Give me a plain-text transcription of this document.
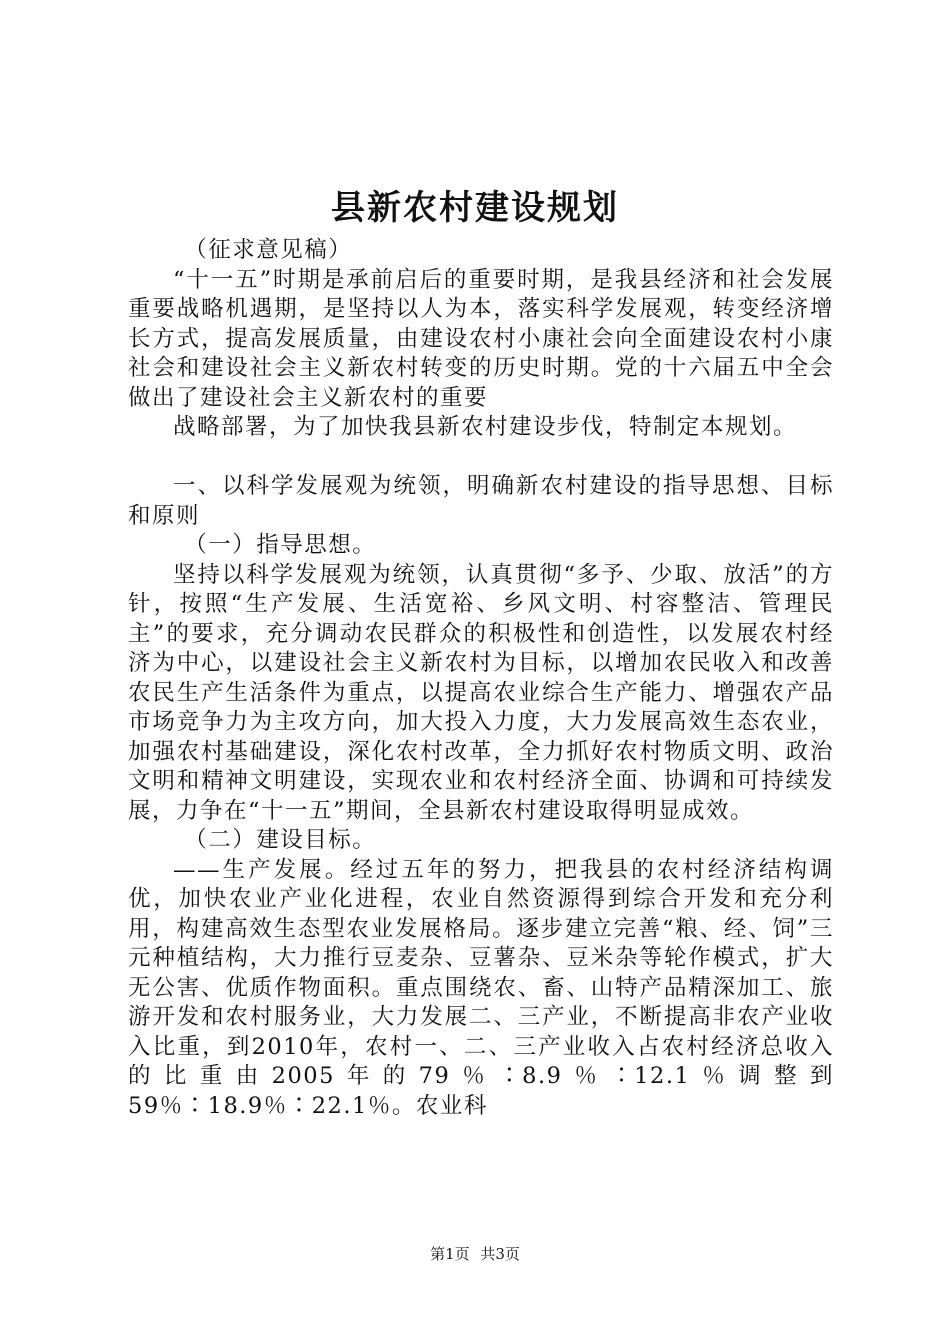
县新农村建设规划

（征求意见稿）

“十一五”时期是承前启后的重要时期，是我县经济和社会发展重要战略机遇期，是坚持以人为本，落实科学发展观，转变经济增长方式，提高发展质量，由建设农村小康社会向全面建设农村小康社会和建设社会主义新农村转变的历史时期。党的十六届五中全会做出了建设社会主义新农村的重要

战略部署，为了加快我县新农村建设步伐，特制定本规划。

一、以科学发展观为统领，明确新农村建设的指导思想、目标和原则

（一）指导思想。

坚持以科学发展观为统领，认真贯彻“多予、少取、放活”的方针，按照“生产发展、生活宽裕、乡风文明、村容整洁、管理民主”的要求，充分调动农民群众的积极性和创造性，以发展农村经济为中心，以建设社会主义新农村为目标，以增加农民收入和改善农民生产生活条件为重点，以提高农业综合生产能力、增强农产品市场竞争力为主攻方向，加大投入力度，大力发展高效生态农业，加强农村基础建设，深化农村改革，全力抓好农村物质文明、政治文明和精神文明建设，实现农业和农村经济全面、协调和可持续发展，力争在“十一五”期间，全县新农村建设取得明显成效。

（二）建设目标。

——生产发展。经过五年的努力，把我县的农村经济结构调优，加快农业产业化进程，农业自然资源得到综合开发和充分利用，构建高效生态型农业发展格局。逐步建立完善“粮、经、饲”三元种植结构，大力推行豆麦杂、豆薯杂、豆米杂等轮作模式，扩大无公害、优质作物面积。重点围绕农、畜、山特产品精深加工、旅游开发和农村服务业，大力发展二、三产业，不断提高非农产业收入比重，到2010年，农村一、二、三产业收入占农村经济总收入的比重由2005年的79％∶8.9％∶12.1％调整到59％∶18.9％∶22.1％。农业科

第1页 共3页
